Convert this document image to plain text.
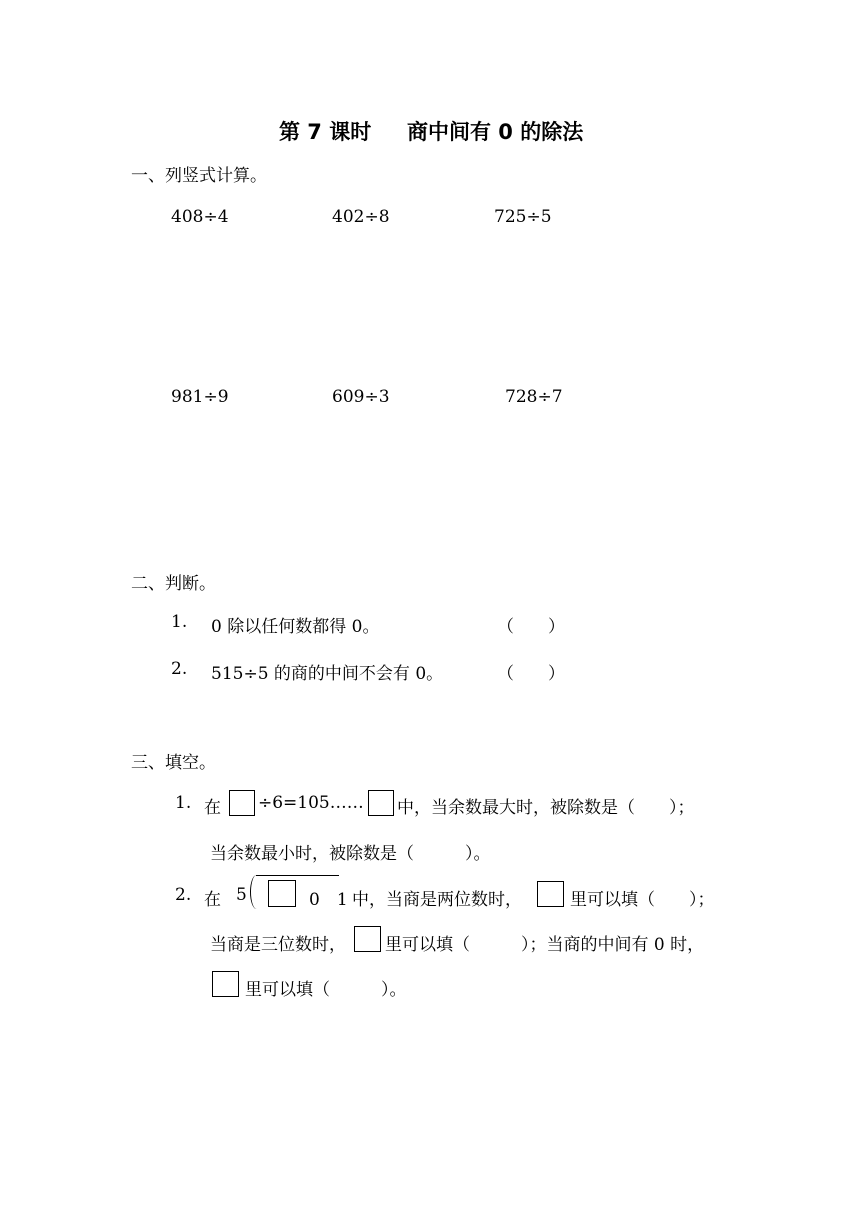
第 7 课时 商中间有 0 的除法
一、列竖式计算。
408÷4	402÷8	725÷5
981÷9	609÷3	728÷7
二、判断。
1. 0 除以任何数都得 0。	（　　）
2. 515÷5 的商的中间不会有 0。	（　　）
三、填空。
1. 在 ÷6=105…… 中，当余数最大时，被除数是（　　）；
当余数最小时，被除数是（　　　）。
2. 在 5	0　1 中，当商是两位数时，	里可以填（　　）；
当商是三位数时， 里可以填（　　　）；当商的中间有 0 时，
里可以填（　　　）。
